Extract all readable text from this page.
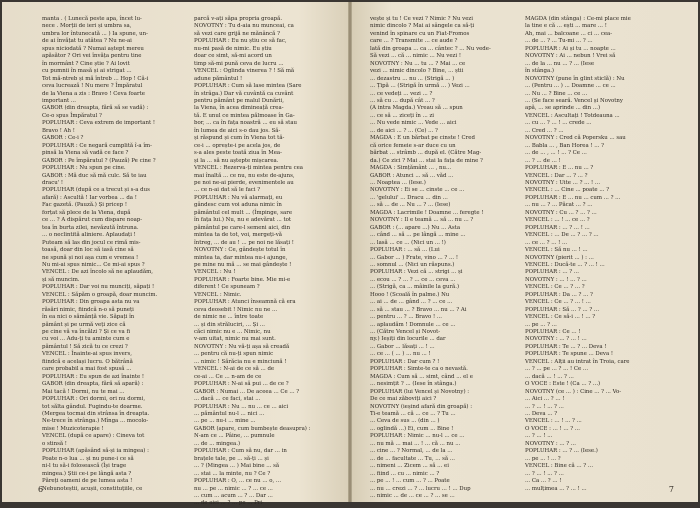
manta . ( Lunecă peste apa, încet lu-
nece . Morții de ieri și umbra sa,
umbra lor întunecată ... ) Ia spune, un-
de ai învățat tu atâtea ? Nu ne-ai
spus niciodată ? Numai aștept mereu
apăsător ? Ori vei învăța pentru tine
în mormânt ? Cine știe ? Ai lovit
cu pumnii în masă și ai strigat ...
Tot mă-ntreb și mă întreb ... Hop ! Că-i
ceva lucrează ! Nu mere ? Împăratul
de la Viena a zis : Bravo ! Ceva foarte
important ...
GABOR (din dreapta, fără să se vadă) :
Ce-o spus Împăratul ?
POPLUHAR : Ceva extrem de important !
Bravo ! Ah !
GABOR : Ce-i ?
POPLUHAR : Ce negară cumplită î-a îm-
pinsă la Viena să vadă ce face ?
GABOR : Pe împăratul ? (Pauză) Pe cine ?
POPLUHAR : Nu spun pe cine.
GABOR : Mă duc să mă culc. Să te iau
dracu' !
POPLUHAR (după ce a trecut și s-a dus
afară) : Ascultă ! Iar vorbea ... da !
Fac gazetă. (Pauză.) Și pricep !
forțat să plece de la Viena, după
ce ... ? A dispărut cum dispare noap-
tea în burta zilei, nevăzută întruna.
... o neclintită aliniere. Aplaudați !
Puteam să las din jocul ce rimă mis-
toasă, doar din loc să iasă cine să
ne spună și noi așa cum e vremea !
Nu mi-ai spus nimic... Ce mi-ai spus ?
VENCEL : De azi încolo să ne aplaudăm,
și să muncim.
POPLUHAR : Dar voi nu munciți, săpați !
VENCEL : Săpăm o groapă, doar muncim.
POPLUHAR : Din groapa asta nu va
răsări nimic, fiindcă n-o să puneți
în ea nici o sămânță vie. Săpați în
pământ și pe urmă veți zice că
pe cine vă va încălzi ? Și ce va fi
cu voi ... Adu-ți tu aminte cum e
pământul ! Să zică tu ce crezi ?
VENCEL : Înainte-ai spus invers,
fiindcă e același lucru. O bătrână
care probabil a mai fost spusă ...
POPLUHAR : Eu spun de azi înainte !
GABOR (din dreapta, fără să apară) :
Mai tacă ! Dormi, nu te mai ...
POPLUHAR : Ori dormi, ori nu dormi,
tot sălta gândul. Fugindu-te doarme.
(Mergea tocmai din strânsa în dreapta.
Ne-trece în strânga.) Mînga ... mocolo-
mise ! Muzicoterapie !
VENCEL (după ce apare) : Cineva tot
o stinsă !
POPLUHAR (apăsând să-și ia mingea) :
Poate n-o lua ... și nu pune-i ce să
ni-l tu să-i folosească (Își trage
mingea.) Știi ce-i pe lângă asta ?
Păreți oameni de pe lumea asta !
Nebunoteștii, acușii, constituțiile, ce
parcă v-ați săpa propria groapă.
NOVOTNY : Tu d-aia nu munceai, ca
să vezi care grijă ne mănâncă ?
POPLUHAR : Eu nu știu ce să fac,
nu-mi pasă de nimic. Eu știu
doar ce simt, să-mi acord un
timp să-mi pună ceva de lucru ...
VENCEL : Oglinda vinerea ? ! Să mă
adune pământul !
POPLUHAR : Cum să lase mintea (Sare
în strâga.) Dar vă cuvântă ca cuvânt
pentru pământ pe malul Dunării,
la Viena, în acea dimineață crea-
tă. E unul ce mintea pălmoase în Ga-
bor, ... ca în fața noastră ... eu să stau
în lumea de aici s-o dau jos. Să-
și răspund și cum în Viena tot tă-
ce-i ... oprește-i pe acela jos, de
s-a ales peste toată ziua în Mea-
și la ... să nu aștepte mișcarea.
VENCEL : Rezerva-ți mintea pentru cea
mai înaltă ... ce nu, nu este de-ajuns,
pe noi ne-ai pierde, evenimentele au
... ce n-ai dat să le faci ?
POPLUHAR : Nu vă alarmați, eu
gândesc cum voi aduna nimic în
pământul cel mult ... (Împinge, sare
în fața lui.) Nu, nu e adevărat ... tot
pământul pe care-l semeni aici, din
mintea ta de tot, voi, mergeți-vă
întreg, ... de au ! ... pe noi ne lăsați !
NOVOTNY : Ce, gândește totul în
mintea ta, dar mintea nu-i ajunge,
pe mine nu mă ... se mai gândește !
VENCEL : Nu !
POPLUHAR : Foarte bine. Mie mi-e
diferent ! Ce spuneam ?
VENCEL : Nimic.
POPLUHAR : Atunci înseamnă că era
ceva deosebit ! Nimic nu ne ...
de nimic ne ... între toate
... și din străluciri, ... Și ...
căci nimic nu e ... Nimic, nu
v-am uitat, nimic nu mai sunt.
NOVOTNY : Nu vă-ți așa să creadă
... pentru că nu-ți spun nimic
... nimic ! Sărăcia nu e minciună !
VENCEL : N-ai de ce să ... de
ce-ai ... Ce ... n-am de ce
POPLUHAR : N-ai să pui ... de ce ?
GABOR : Numai ... De aceea ... Ce ... ?
... dacă ... ce faci, stai ...
POPLUHAR : Nu ... nu ... ce ... aici
... pământul nu-l ... nici ...
... pe ... nu-i ... mine ...
GABOR (apare, cum bumbește deasupra) :
N-am ce ... Pâine, ... pumnule
... de ... mingea.)
POPLUHAR : Cum să nu, dar ... in
brațele tale, pe ... să-ți ... și
... ? (Mingea ... ) Mai bine ... să
... stai ... la minte, nu ? Ce ?
POPLUHAR : O, ... ce nu ... o, ...
nu ... pe ... nimic ... ? ... ce ...
... cum ... acum ... ? ... Dar ...
... de aici ... ? ... pe ... Pri-
6
vește și tu ! Ce vezi ? Nimic ? Nu vezi
nimic dincolo ? Mai ai sângele ca să-ți
venind în spinare cu un Fiat-Fromos
care ... ? Transmite ... ce aude ?
lată din groapa ... ca ... cântec ? ... Nu vede-
Să vezi ... că ... nimic ... Nu vezi !
NOVOTNY : Nu ... tu ... ? Mai ... ce
vezi ... nimic dincolo ? Bine, ... știi
... dezastru ... nu ... (Strigă ... )
... Țipă ... (Strigă în urmă ... ) Vezi ...
... ce vedeți ... vezi ... ?
... să cu ... după cât ... ?
(A intra Magda.) Vreau să ... spun
... ce să ... ziceți în ... zi
... Nu vede nimic ... Vede ... aici
... de aici ... ? ... (Ce) ... ?
MAGDA : E un bărbat pe cinste ! Cred
că orice femeie s-ar duce cu un
bărbat ... strâmb ... după el. (Către Mag-
da.) Ce zici ? Mai ... stai la fața de mine ?
MAGDA : Simțământ ... , nu...
GABOR : Atunci ... să ... văd ...
... Noaptea ... (Iese.)
NOVOTNY : Ei se ... cinste ... ce ...
... 'gelului' ... Dracu ... din ...
... să ... de ... Nu ... ? ... (Iese)
MAGDA : Lacrimile ! Doamne ... feregte !
NOVOTNY : Il e teamă ... să ... nu ... ?
GABOR : (... apare ...) Nu ... Asta
... când ... să ... pe lângă ... mine ...
... lasă ... ce ... (Nici un ... !)
POPLUHAR : ... să ... (Lui
... Gabor ... ) Frate, vino ... ? ... !
... somnul ... (Nici un răspuns.)
POPLUHAR : Vezi că ... strigi ... și
... ecou ... ? ... ? ... ce ... ceva ...
... (Strigă, ca ... mâinile la gură.)
Hooo ! (Scoală în palme.) Nu
... ai ... de ... gând ... ? ... ce ...
... să ... stau ... ? Bravo ... nu ... ? Ai
... pentru ... ? ... Bravo ! ...
... aplaudăm ! Domnule ... ce ...
... (Către Vencel și Novot-
ny.) Ieșiți din locurile ... dar
... Gabor ... lăsați ... ! ...
... ce ... ( ... ) ... nu ... !
POPLUHAR : Dar cum ? !
POPLUHAR : Simte-te ca o nevastă.
MAGDA : Cum să ... simt, când ... el e
... nesimțit ? ... (Iese în stânga.)
POPLUHAR (lui Vencel și Novotny) :
De ce mai zăboviți aici ?
NOVOTNY (ieșind afară din groapă) :
Ti-e teamă ... că ... ce ... ? Tu ...
... Ceva de sus ... (din ... )
... oglindă ...) Ei, cum ... Bine !
POPLUHAR : Nimic ... nu-l ... ce ...
... nu mă ... mai ... ! ... că ... nu ...
... cine ... ? Normal, ... de la ...
... de ... facultate ... Tu, ... să ...
... nimeni ... Zicem ... să ... ei
... fiind ... cu ... nimic ... ?
... pe ... ! ... cum ... ? ... Poate
... nu ... crezi ... ? ... lucru ... ! ... Dup
... nimic ... de ... ce ... ? ... se ...
MAGDA (din stânga) : Ce-mi place mie
la tine e că ... ești ... mare ... !
Ah, mai ... balcoane ... ci ... cea-
... de ... ? ... Tu-mi ... ? ...
POPLUHAR : Ai și tu ... noapte ...
NOVOTNY : Ai ... nebun ! Vrei să
... de la ... nu ... ? ... (Iese
în stânga.)
NOVOTNY (pune în glint sticlă) : Nu
... (Pentru ... ) ... Doamne ... ce ...
... Nu ... ? Bine ... ce ...
... (Se face seară. Vencel și Novotny
apă, ... se aprinde ... din ...)
VENCEL : Ascultați ! Totdeauna ...
... cu ... ? ... ! ... crede ...
... Cred ... ? ...
NOVOTNY : Cred că Popersku ... sau
... Babla ... , Ban Horea ! ... ?
... de ... , ... ! ... ? Ce ...
... ? ... de ... !
POPLUHAR : E ... nu ... ?
VENCEL : Dar ... ? ... ?
NOVOTNY : Uite ... ? ... ! ...
VENCEL : ... Cine ... poate ... ?
POPLUHAR : E ... nu ... cum ... ? ...
... nu ... ? ... Păcat ... ? ...
NOVOTNY : Cu ... ? ... ? ...
VENCEL : ... ! ... ce ... ?
POPLUHAR : ... ? ... ! ...
VENCEL : ... De ... ? ... ? ...
... ce ... ? ... ! ...
VENCEL : Să nu ... ! ...
NOVOTNY (pierit ... ) : ...
VENCEL : Ducă-te ... ? ... ! ...
POPLUHAR : ... ? ...
NOVOTNY : ... ! ... ? ...
VENCEL : Ce ... ? ... ?
POPLUHAR : Da ... ? ... ?
VENCEL : Ce ... ? ... ! ...
POPLUHAR : Să ... ? ... ? ...
VENCEL : Ce să-i ... ! ... ?
... pe ... ? ...
POPLUHAR : Ce ... !
NOVOTNY : ... ? ... ! ...
POPLUHAR : Te ... ? ... Deva !
POPLUHAR : Te spune ... Deva !
VENCEL : Alții au intrat în Troia, care
... ? ... pe ... ? ... ! Ce ...
... dacă ... ! ... ? ...
O VOCE : Este ! (Ca ... ? ...)
NOVOTNY (ce ... ) : Cine ... ? ... Vo-
... Aici ... ? ... !
... ? ... ! ... ? ...
... Deva ... ?
VENCEL : ... ! ... ? ...
O VOCE : ... ! ... ? ...
... ? ... ! ...
NOVOTNY : ... ? ...
POPLUHAR : ... ? ... (Iese.)
... pe ... ! ... ?
VENCEL : Bine că ... ? ...
... ? ... ! ... ? ...
... Ca ... ? ... !
... mulțimea ... ? ... ! ...	7
